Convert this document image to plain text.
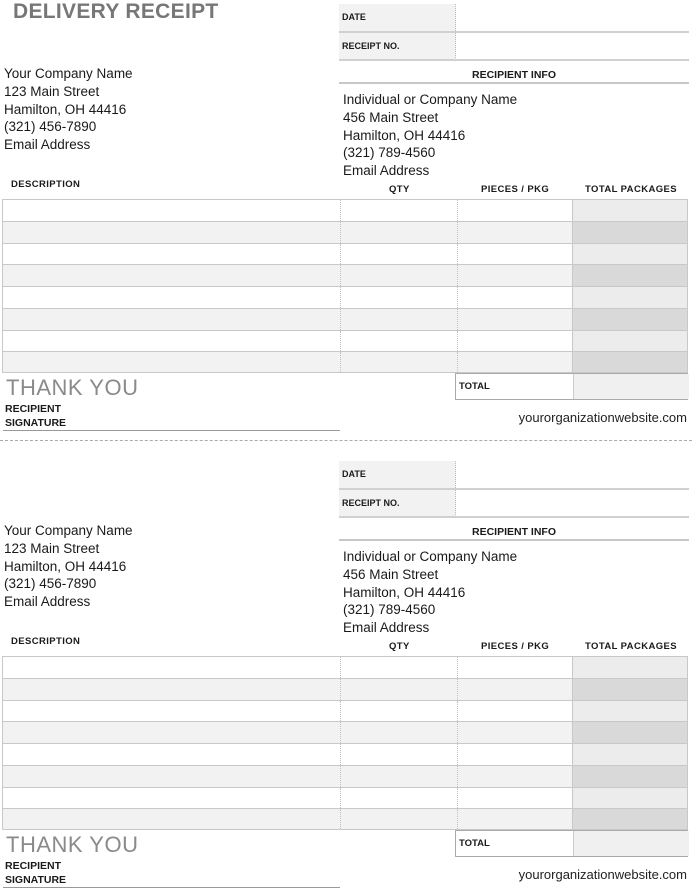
DELIVERY RECEIPT	DATE
RECEIPT NO.
Your Company Name
123 Main Street
Hamilton, OH 44416
(321) 456-7890
Email Address
RECIPIENT INFO
Individual or Company Name
456 Main Street
Hamilton, OH 44416
(321) 789-4560
Email Address
DESCRIPTION	QTY	PIECES / PKG	TOTAL PACKAGES
THANK YOU
RECIPIENT
SIGNATURE
TOTAL
yourorganizationwebsite.com
DATE
RECEIPT NO.
Your Company Name
123 Main Street
Hamilton, OH 44416
(321) 456-7890
Email Address
RECIPIENT INFO
Individual or Company Name
456 Main Street
Hamilton, OH 44416
(321) 789-4560
Email Address
DESCRIPTION	QTY	PIECES / PKG	TOTAL PACKAGES
THANK YOU
RECIPIENT
SIGNATURE
TOTAL
yourorganizationwebsite.com
